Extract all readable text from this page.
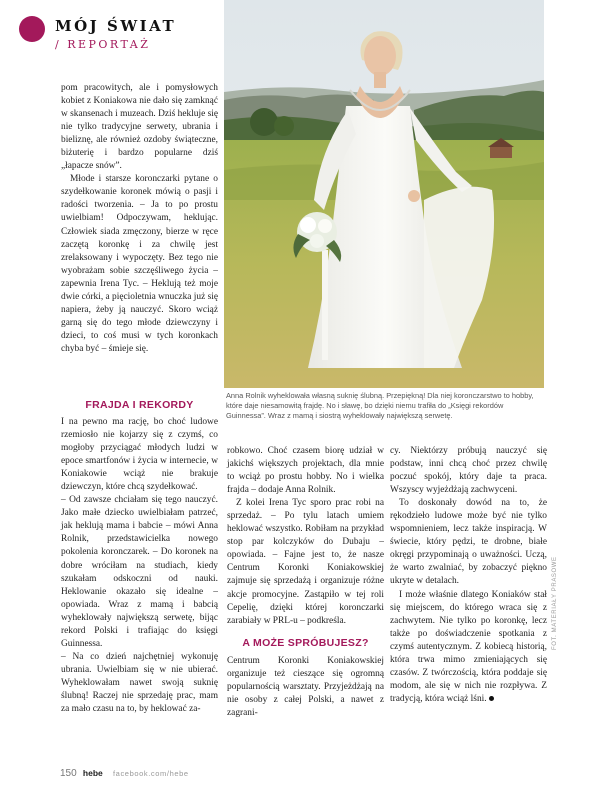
MÓJ ŚWIAT
/ REPORTAŻ

pom pracowitych, ale i pomysłowych kobiet z Koniakowa nie dało się zamknąć w skansenach i muzeach. Dziś hekluje się nie tylko tradycyjne serwety, ubrania i bieliznę, ale również ozdoby świąteczne, biżuterię i bardzo popularne dziś „łapacze snów”.

Młode i starsze koronczarki pytane o szydełkowanie koronek mówią o pasji i radości tworzenia. – Ja to po prostu uwielbiam! Odpoczywam, heklując. Człowiek siada zmęczony, bierze w ręce zaczętą koronkę i za chwilę jest zrelaksowany i wypoczęty. Bez tego nie wyobrażam sobie szczęśliwego życia – zapewnia Irena Tyc. – Heklują też moje dwie córki, a pięcioletnia wnuczka już się napiera, żeby ją nauczyć. Skoro wciąż garną się do tego młode dziewczyny i dzieci, to coś musi w tych koronkach chyba być – śmieje się.

FRAJDA I REKORDY

I na pewno ma rację, bo choć ludowe rzemiosło nie kojarzy się z czymś, co mogłoby przyciągać młodych ludzi w epoce smartfonów i życia w internecie, w Koniakowie wciąż nie brakuje dziewczyn, które chcą szydełkować.

– Od zawsze chciałam się tego nauczyć. Jako małe dziecko uwielbiałam patrzeć, jak heklują mama i babcie – mówi Anna Rolnik, przedstawicielka nowego pokolenia koronczarek. – Do koronek na dobre wróciłam na studiach, kiedy szukałam odskoczni od nauki. Heklowanie okazało się idealne – opowiada. Wraz z mamą i babcią wyheklowały największą serwetę, bijąc rekord Polski i trafiając do księgi Guinnessa.

– Na co dzień najchętniej wykonuję ubrania. Uwielbiam się w nie ubierać. Wyheklowałam nawet swoją suknię ślubną! Raczej nie sprzedaję prac, mam za mało czasu na to, by heklować za-

Anna Rolnik wyheklowała własną suknię ślubną. Przepiękną! Dla niej koronczarstwo to hobby, które daje niesamowitą frajdę. No i sławę, bo dzięki niemu trafiła do „Księgi rekordów Guinnessa”. Wraz z mamą i siostrą wyheklowały największą serwetę.

robkowo. Choć czasem biorę udział w jakichś większych projektach, dla mnie to wciąż po prostu hobby. No i wielka frajda – dodaje Anna Rolnik.

Z kolei Irena Tyc sporo prac robi na sprzedaż. – Po tylu latach umiem heklować wszystko. Robiłam na przykład stop par kolczyków do Dubaju – opowiada. – Fajne jest to, że nasze Centrum Koronki Koniakowskiej zajmuje się sprzedażą i organizuje różne akcje promocyjne. Zastąpiło w tej roli Cepelię, dzięki której koronczarki zarabiały w PRL-u – podkreśla.

A MOŻE SPRÓBUJESZ?

Centrum Koronki Koniakowskiej organizuje też cieszące się ogromną popularnością warsztaty. Przyjeżdżają na nie osoby z całej Polski, a nawet z zagrani-

cy. Niektórzy próbują nauczyć się podstaw, inni chcą choć przez chwilę poczuć spokój, który daje ta praca. Wszyscy wyjeżdżają zachwyceni.

To doskonały dowód na to, że rękodzieło ludowe może być nie tylko wspomnieniem, lecz także inspiracją. W świecie, który pędzi, te drobne, białe okręgi przypominają o uważności. Uczą, że warto zwalniać, by zobaczyć piękno ukryte w detalach.

I może właśnie dlatego Koniaków stał się miejscem, do którego wraca się z zachwytem. Nie tylko po koronkę, lecz także po doświadczenie spotkania z czymś autentycznym. Z kobiecą historią, która trwa mimo zmieniających się czasów. Z twórczością, która poddaje się modom, ale się w nich nie rozpływa. Z tradycją, która wciąż lśni.

FOT. MATERIAŁY PRASOWE
150 hebe facebook.com/hebe
